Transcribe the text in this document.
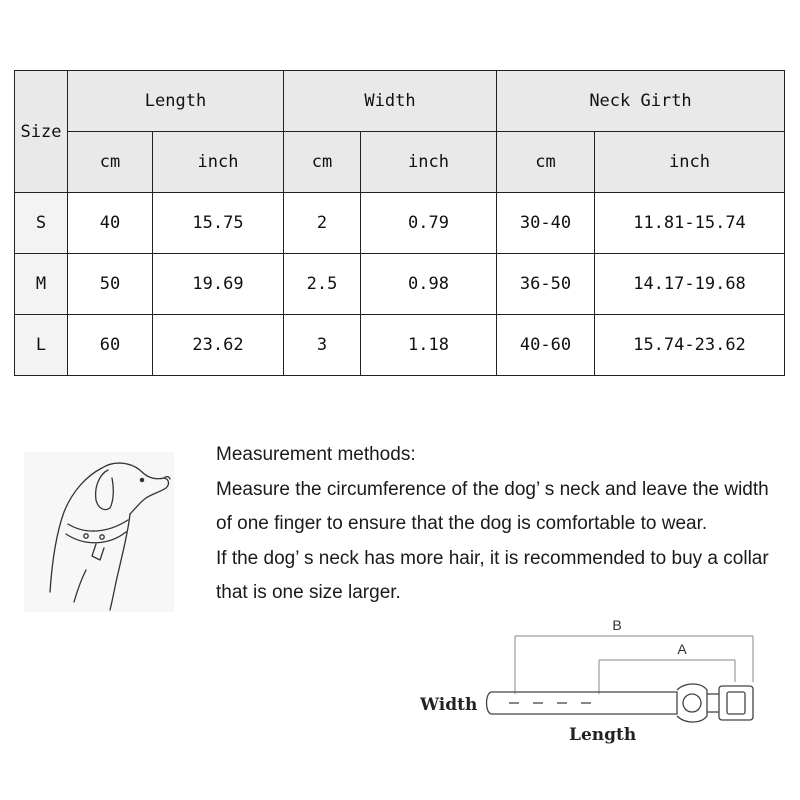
Size	Length		Width		Neck Girth	
	cm	inch	cm	inch	cm	inch
S	40	15.75	2	0.79	30-40	11.81-15.74
M	50	19.69	2.5	0.98	36-50	14.17-19.68
L	60	23.62	3	1.18	40-60	15.74-23.62

Measurement methods:

Measure the circumference of the dog’ s neck and leave the width of one finger to ensure that the dog is comfortable to wear.

If the dog’ s neck has more hair, it is recommended to buy a collar that is one size larger.

B
A
Width
Length
